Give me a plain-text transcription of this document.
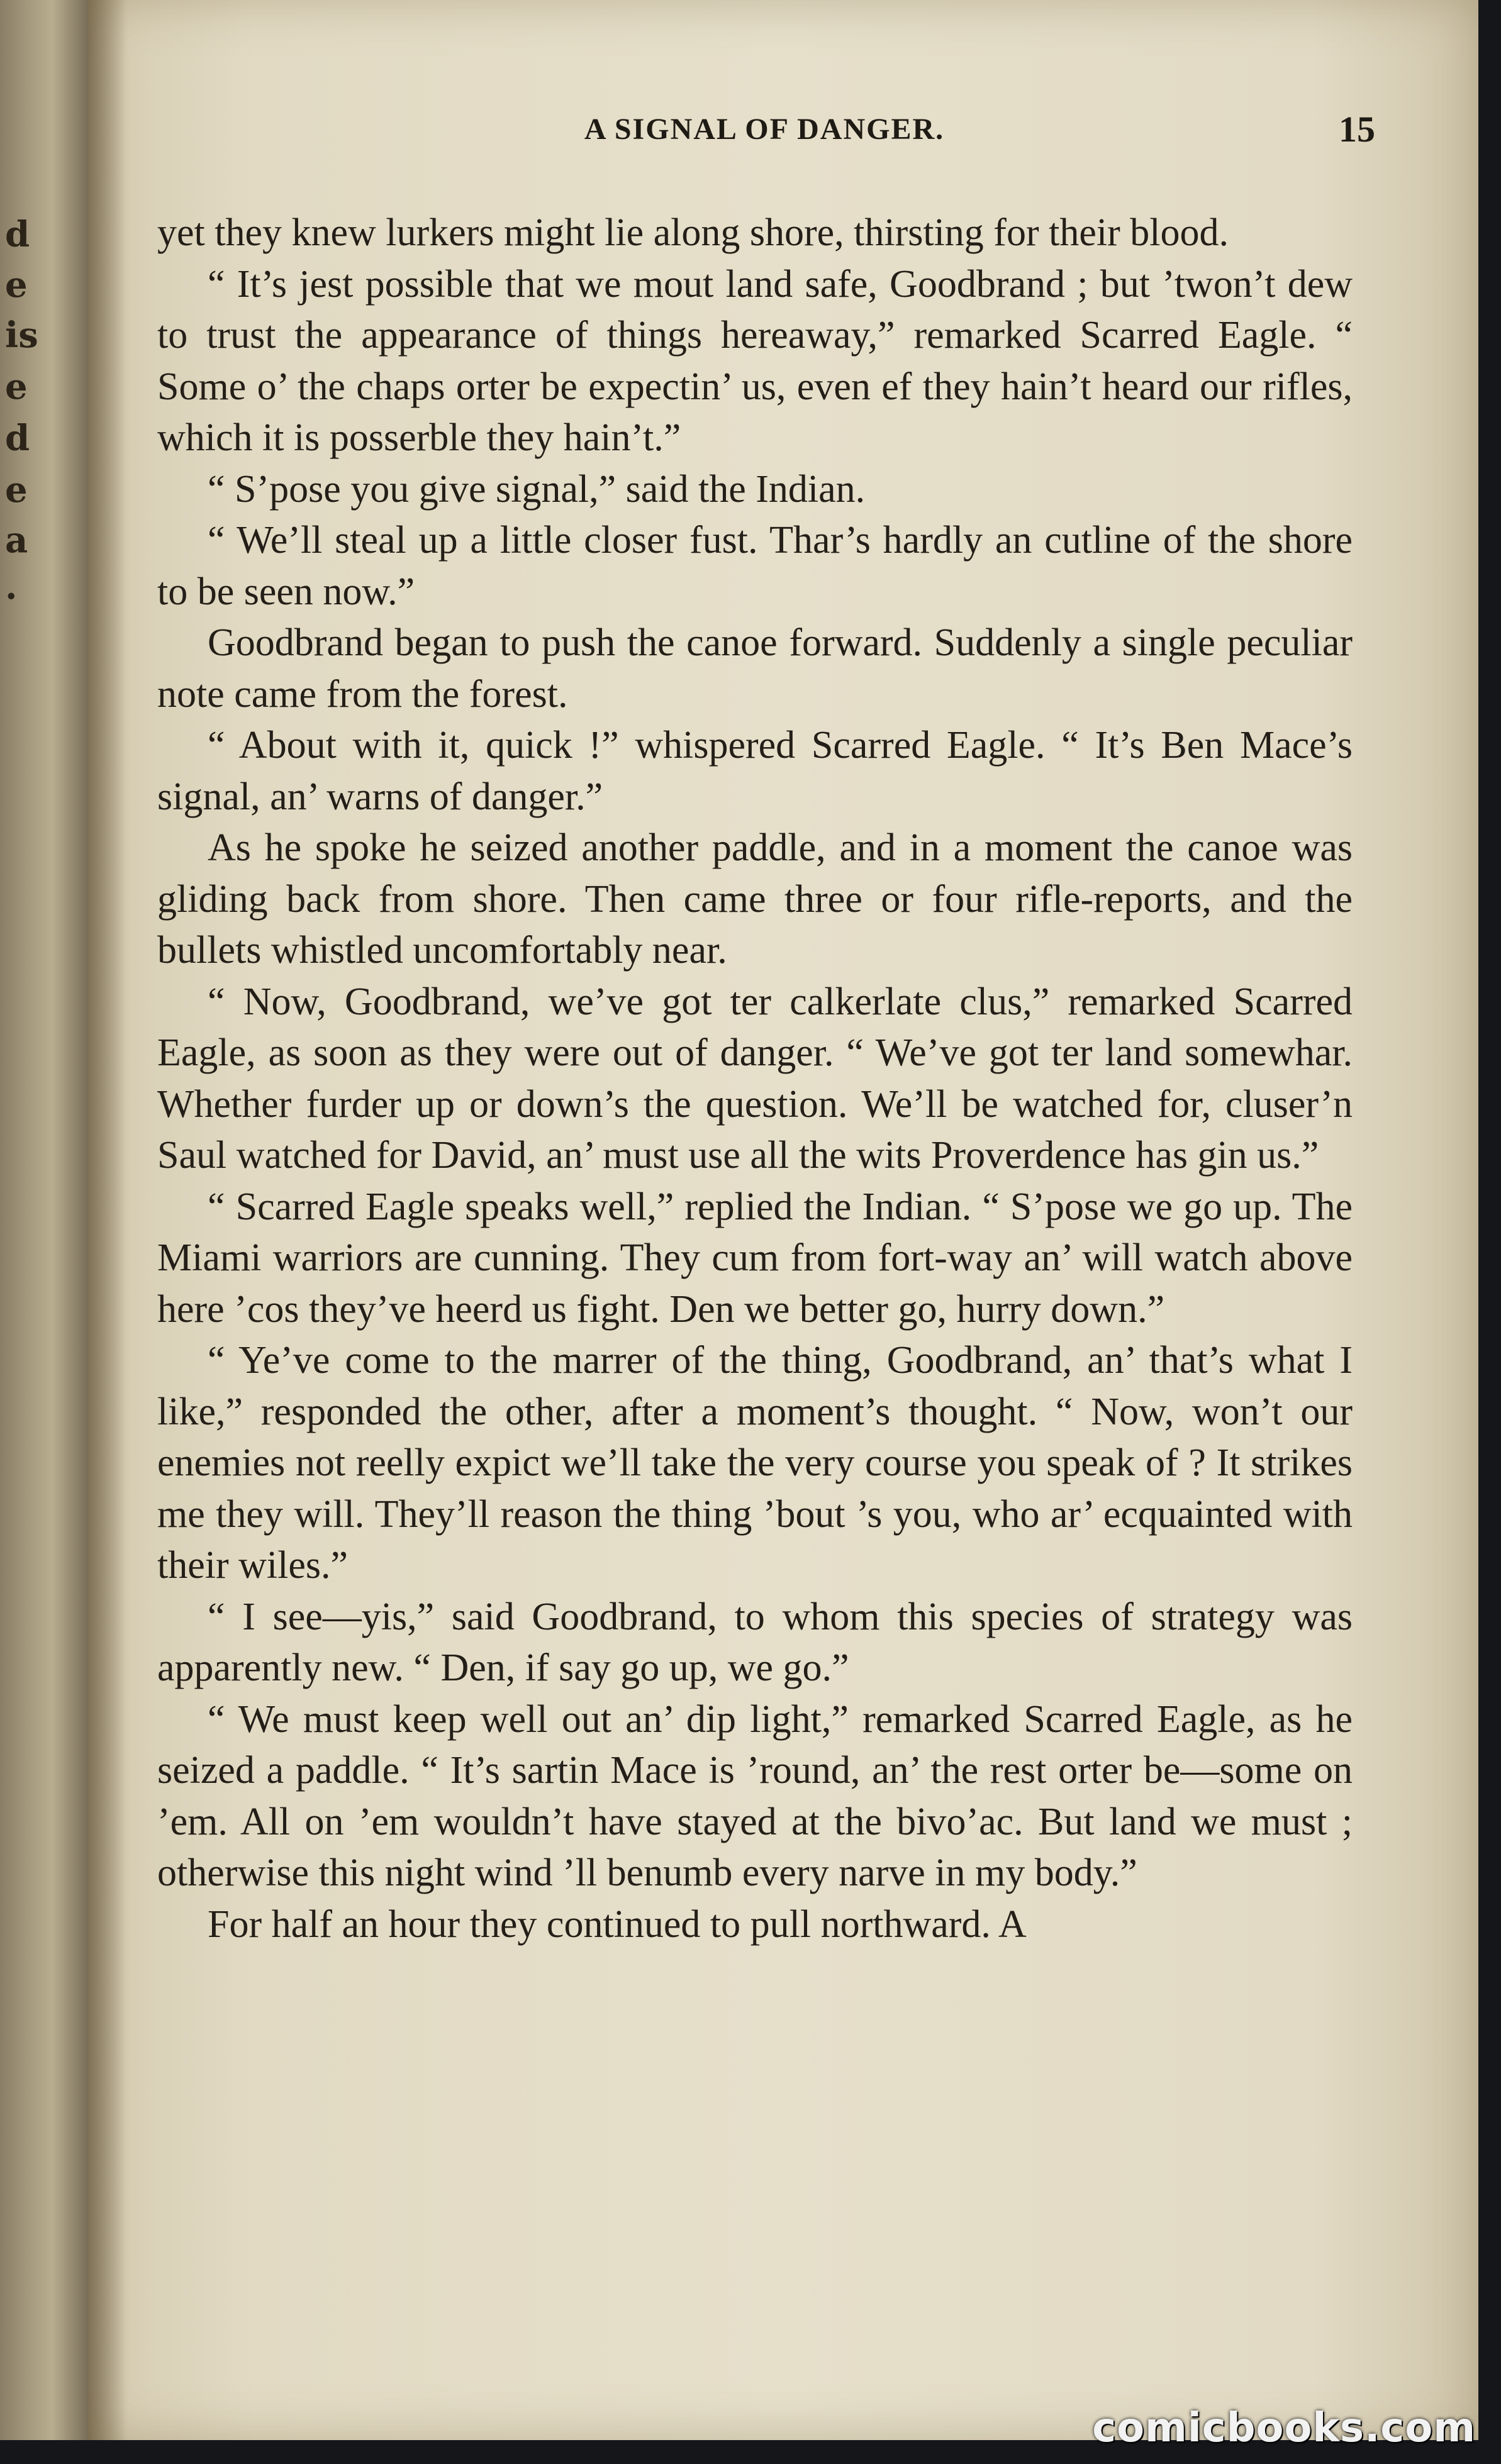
d
e
is
e
d
e
a
.
A SIGNAL OF DANGER.	15

yet they knew lurkers might lie along shore, thirsting for their blood.

“ It’s jest possible that we mout land safe, Goodbrand ; but ’twon’t dew to trust the appearance of things hereaway,” remarked Scarred Eagle. “ Some o’ the chaps orter be expectin’ us, even ef they hain’t heard our rifles, which it is posserble they hain’t.”

“ S’pose you give signal,” said the Indian.

“ We’ll steal up a little closer fust. Thar’s hardly an cutline of the shore to be seen now.”

Goodbrand began to push the canoe forward. Suddenly a single peculiar note came from the forest.

“ About with it, quick !” whispered Scarred Eagle. “ It’s Ben Mace’s signal, an’ warns of danger.”

As he spoke he seized another paddle, and in a moment the canoe was gliding back from shore. Then came three or four rifle-reports, and the bullets whistled uncomfortably near.

“ Now, Goodbrand, we’ve got ter calkerlate clus,” remarked Scarred Eagle, as soon as they were out of danger. “ We’ve got ter land somewhar. Whether furder up or down’s the question. We’ll be watched for, cluser’n Saul watched for David, an’ must use all the wits Proverdence has gin us.”

“ Scarred Eagle speaks well,” replied the Indian. “ S’pose we go up. The Miami warriors are cunning. They cum from fort-way an’ will watch above here ’cos they’ve heerd us fight. Den we better go, hurry down.”

“ Ye’ve come to the marrer of the thing, Goodbrand, an’ that’s what I like,” responded the other, after a moment’s thought. “ Now, won’t our enemies not reelly expict we’ll take the very course you speak of ? It strikes me they will. They’ll reason the thing ’bout ’s you, who ar’ ecquainted with their wiles.”

“ I see—yis,” said Goodbrand, to whom this species of strategy was apparently new. “ Den, if say go up, we go.”

“ We must keep well out an’ dip light,” remarked Scarred Eagle, as he seized a paddle. “ It’s sartin Mace is ’round, an’ the rest orter be—some on ’em. All on ’em wouldn’t have stayed at the bivo’ac. But land we must ; otherwise this night wind ’ll benumb every narve in my body.”

For half an hour they continued to pull northward. A

comicbooks.com
